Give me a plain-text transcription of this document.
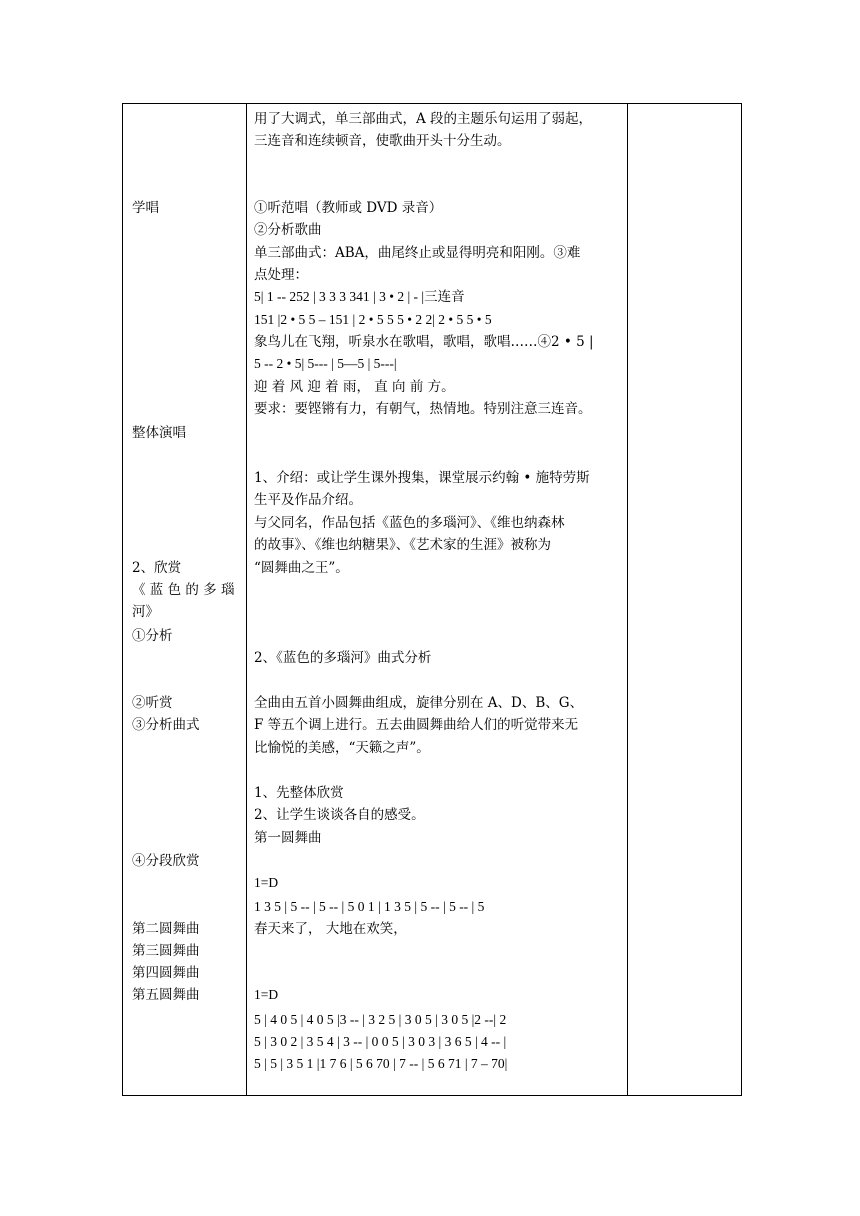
学唱
整体演唱
2、欣赏
《 蓝 色 的 多 瑙
河》
①分析
②听赏
③分析曲式
④分段欣赏
第二圆舞曲
第三圆舞曲
第四圆舞曲
第五圆舞曲
用了大调式，单三部曲式，A 段的主题乐句运用了弱起，
三连音和连续顿音，使歌曲开头十分生动。
①听范唱（教师或 DVD 录音）
②分析歌曲
单三部曲式：ABA，曲尾终止或显得明亮和阳刚。③难
点处理：
5| 1 -- 252 | 3 3 3 341 | 3 • 2 | - |三连音
151 |2 • 5 5 – 151 | 2 • 5 5 5 • 2 2| 2 • 5 5 • 5
象鸟儿在飞翔，听泉水在歌唱，歌唱，歌唱……④2 • 5 |
5 -- 2 • 5| 5--- | 5—5 | 5---|
迎 着 风 迎 着 雨， 直 向 前 方。
要求：要铿锵有力，有朝气，热情地。特别注意三连音。
1、介绍：或让学生课外搜集，课堂展示约翰 • 施特劳斯
生平及作品介绍。
与父同名，作品包括《蓝色的多瑙河》、《维也纳森林
的故事》、《维也纳糖果》、《艺术家的生涯》被称为
“圆舞曲之王”。
2、《蓝色的多瑙河》曲式分析
全曲由五首小圆舞曲组成，旋律分别在 A、D、B、G、
F 等五个调上进行。五去曲圆舞曲给人们的听觉带来无
比愉悦的美感，“天籁之声”。
1、先整体欣赏
2、让学生谈谈各自的感受。
第一圆舞曲
1=D
1 3 5 | 5 -- | 5 -- | 5 0 1 | 1 3 5 | 5 -- | 5 -- | 5
春天来了， 大地在欢笑，
1=D
5 | 4 0 5 | 4 0 5 |3 -- | 3 2 5 | 3 0 5 | 3 0 5 |2 --| 2
5 | 3 0 2 | 3 5 4 | 3 -- | 0 0 5 | 3 0 3 | 3 6 5 | 4 -- |
5 | 5 | 3 5 1 |1 7 6 | 5 6 70 | 7 -- | 5 6 71 | 7 – 70|
